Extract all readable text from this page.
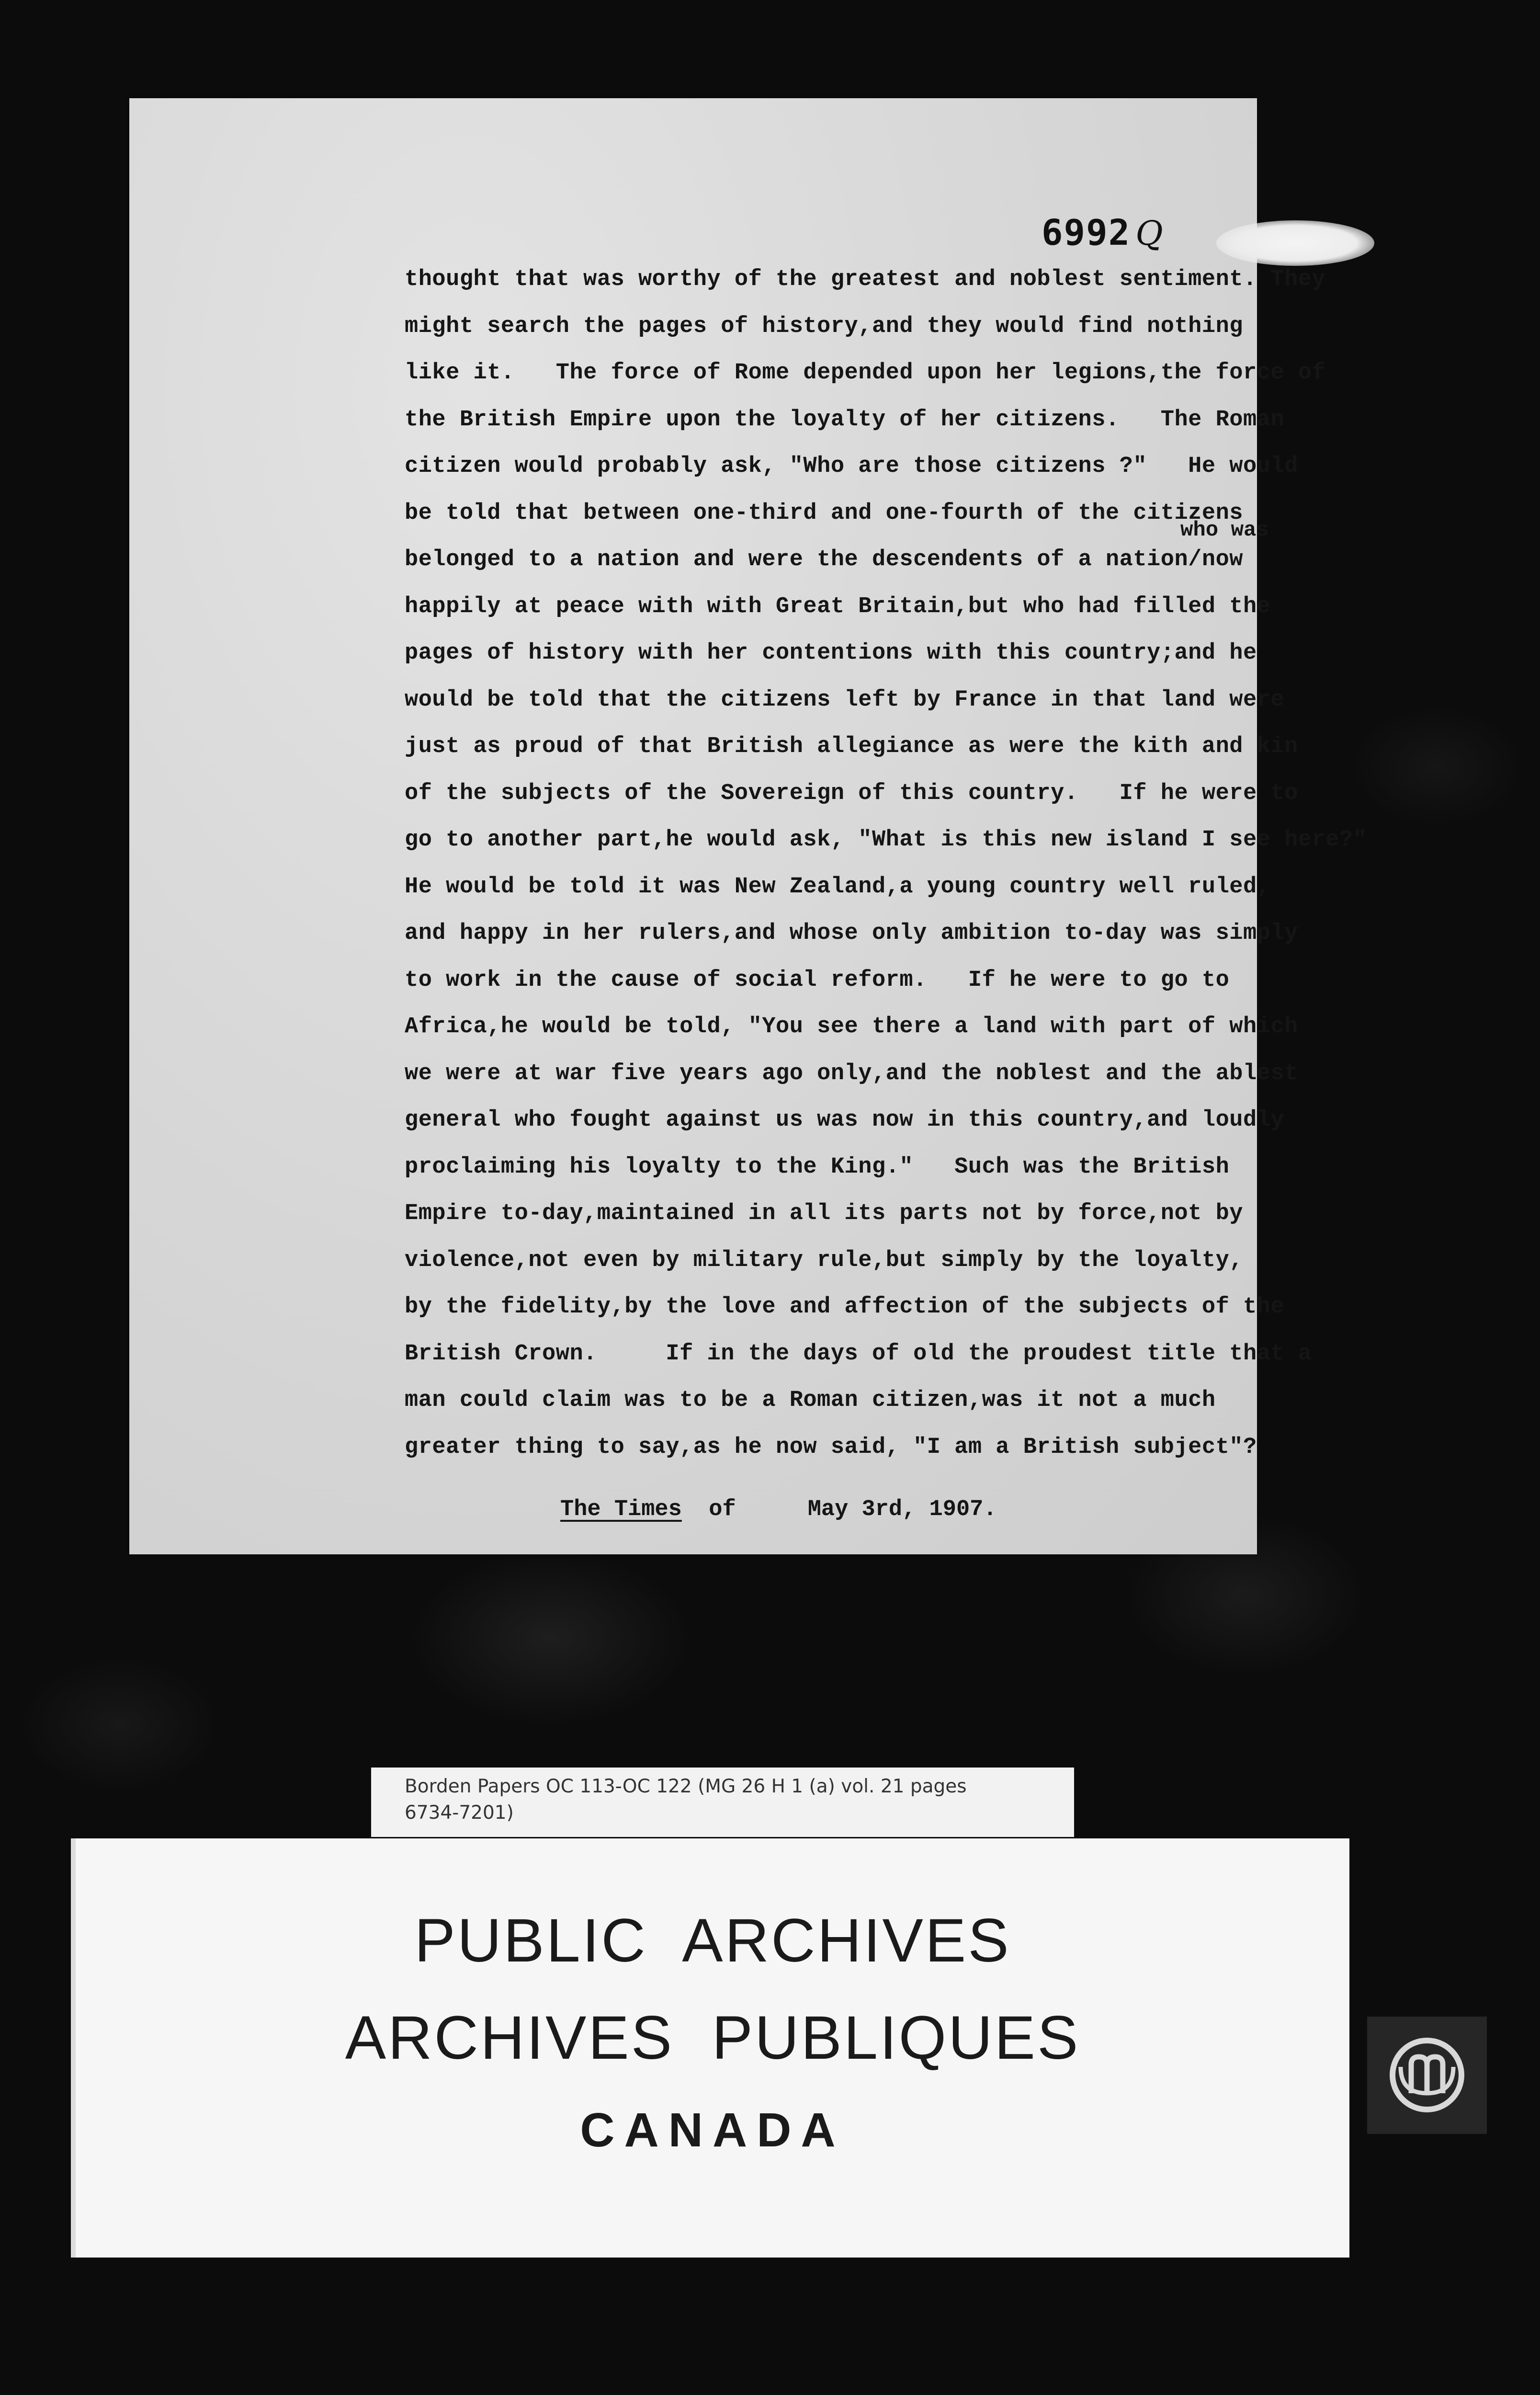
6992 Q
who was
thought that was worthy of the greatest and noblest sentiment. They
might search the pages of history,and they would find nothing
like it.   The force of Rome depended upon her legions,the force of
the British Empire upon the loyalty of her citizens.   The Roman
citizen would probably ask, "Who are those citizens ?"   He would
be told that between one-third and one-fourth of the citizens
belonged to a nation and were the descendents of a nation/now
happily at peace with with Great Britain,but who had filled the
pages of history with her contentions with this country;and he
would be told that the citizens left by France in that land were
just as proud of that British allegiance as were the kith and kin
of the subjects of the Sovereign of this country.   If he were to
go to another part,he would ask, "What is this new island I see here?"
He would be told it was New Zealand,a young country well ruled,
and happy in her rulers,and whose only ambition to-day was simply
to work in the cause of social reform.   If he were to go to
Africa,he would be told, "You see there a land with part of which
we were at war five years ago only,and the noblest and the ablest
general who fought against us was now in this country,and loudly
proclaiming his loyalty to the King."   Such was the British
Empire to-day,maintained in all its parts not by force,not by
violence,not even by military rule,but simply by the loyalty,
by the fidelity,by the love and affection of the subjects of the
British Crown.     If in the days of old the proudest title that a
man could claim was to be a Roman citizen,was it not a much
greater thing to say,as he now said, "I am a British subject"?
The Times of	May 3rd, 1907.
Borden Papers OC 113-OC 122 (MG 26 H 1 (a) vol. 21 pages
6734-7201)
PUBLIC ARCHIVES
ARCHIVES PUBLIQUES
CANADA
